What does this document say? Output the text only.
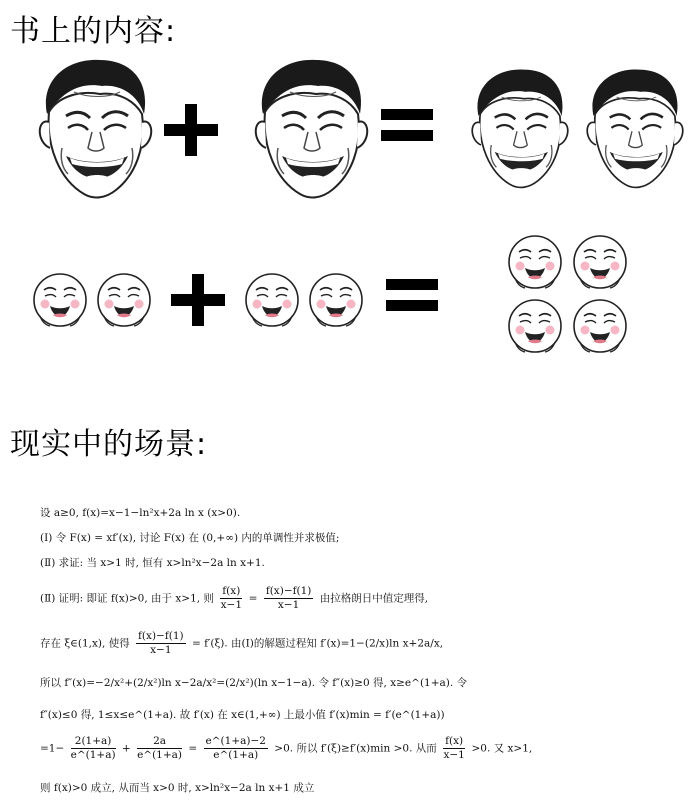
书上的内容:
现实中的场景:
设 a≥0, f(x)=x−1−ln²x+2a ln x (x>0).
(Ⅰ) 令 F(x) = xf′(x), 讨论 F(x) 在 (0,+∞) 内的单调性并求极值;
(Ⅱ) 求证: 当 x>1 时, 恒有 x>ln²x−2a ln x+1.
(Ⅱ) 证明: 即证 f(x)>0, 由于 x>1, 则 $\frac{f(x)}{x-1} = \frac{f(x)-f(1)}{x-1}$ 由拉格朗日中值定理得,
存在 ξ∈(1,x), 使得 $\frac{f(x)-f(1)}{x-1} = f'(\xi)$. 由(Ⅰ)的解题过程知 f′(x)=1−(2/x)ln x+2a/x,
所以 f″(x)=−2/x²+(2/x²)ln x−2a/x²=(2/x²)(ln x−1−a). 令 f″(x)≥0 得, x≥e^(1+a). 令
f″(x)≤0 得, 1≤x≤e^(1+a). 故 f′(x) 在 x∈(1,+∞) 上最小值 f′(x)min = f′(e^(1+a))
$=1- \frac{2(1+a)}{e\^{}(1+a)} + \frac{2a}{e\^{}(1+a)} = \frac{e\^{}(1+a)-2}{e\^{}(1+a)} >0$. 所以 f′(ξ)≥f′(x)min >0. 从而 $\frac{f(x)}{x-1} >0$. 又 x>1,
则 f(x)>0 成立, 从而当 x>0 时, x>ln²x−2a ln x+1 成立
